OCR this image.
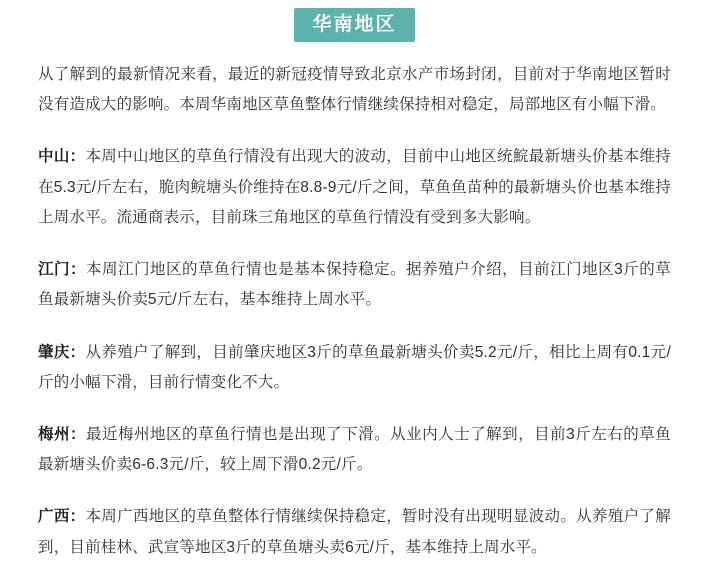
华南地区

从了解到的最新情况来看，最近的新冠疫情导致北京水产市场封闭，目前对于华南地区暂时没有造成大的影响。本周华南地区草鱼整体行情继续保持相对稳定，局部地区有小幅下滑。

中山：本周中山地区的草鱼行情没有出现大的波动，目前中山地区统鯇最新塘头价基本维持在5.3元/斤左右，脆肉鲩塘头价维持在8.8-9元/斤之间，草鱼鱼苗种的最新塘头价也基本维持上周水平。流通商表示，目前珠三角地区的草鱼行情没有受到多大影响。

江门：本周江门地区的草鱼行情也是基本保持稳定。据养殖户介绍，目前江门地区3斤的草鱼最新塘头价卖5元/斤左右，基本维持上周水平。

肇庆：从养殖户了解到，目前肇庆地区3斤的草鱼最新塘头价卖5.2元/斤，相比上周有0.1元/斤的小幅下滑，目前行情变化不大。

梅州：最近梅州地区的草鱼行情也是出现了下滑。从业内人士了解到，目前3斤左右的草鱼最新塘头价卖6-6.3元/斤，较上周下滑0.2元/斤。

广西：本周广西地区的草鱼整体行情继续保持稳定，暂时没有出现明显波动。从养殖户了解到，目前桂林、武宣等地区3斤的草鱼塘头卖6元/斤，基本维持上周水平。
